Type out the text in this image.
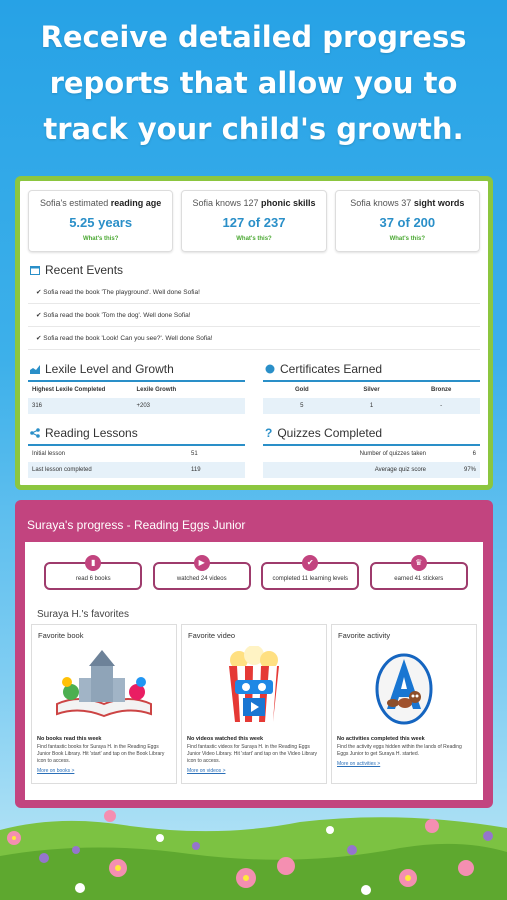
Receive detailed progress
reports that allow you to
track your child's growth.
Sofia's estimated reading age
5.25 years
What's this?
Sofia knows 127 phonic skills
127 of 237
What's this?
Sofia knows 37 sight words
37 of 200
What's this?
Recent Events
✔ Sofia read the book 'The playground'. Well done Sofia!
✔ Sofia read the book 'Tom the dog'. Well done Sofia!
✔ Sofia read the book 'Look! Can you see?'. Well done Sofia!
Lexile Level and Growth
Highest Lexile Completed	Lexile Growth
316	+203
Certificates Earned
Gold	Silver	Bronze
5	1	-
Reading Lessons
Initial lesson	51
Last lesson completed	119
? Quizzes Completed
Number of quizzes taken	6
Average quiz score	97%
Suraya's progress - Reading Eggs Junior
▮
read 6 books
▶
watched 24 videos
✔
completed 11 learning levels
♛
earned 41 stickers
Suraya H.'s favorites
Favorite book
No books read this week
Find fantastic books for Suraya H. in the Reading Eggs Junior Book Library. Hit 'start' and tap on the Book Library icon to access.
More on books >
Favorite video
No videos watched this week
Find fantastic videos for Suraya H. in the Reading Eggs Junior Video Library. Hit 'start' and tap on the Video Library icon to access.
More on videos >
Favorite activity
No activities completed this week
Find the activity eggs hidden within the lands of Reading Eggs Junior to get Suraya H. started.
More on activities >
